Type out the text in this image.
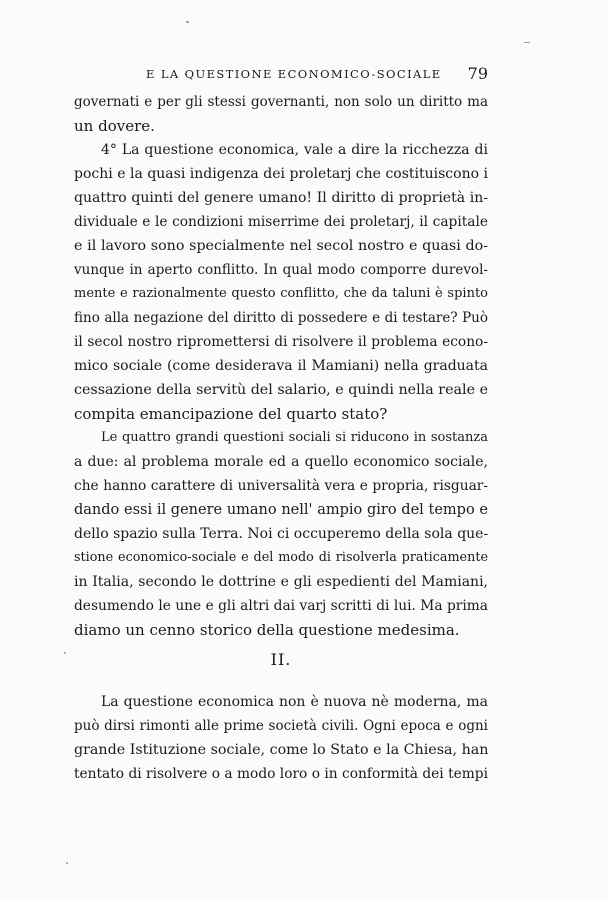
E LA QUESTIONE ECONOMICO-SOCIALE 79
governati e per gli stessi governanti, non solo un diritto ma
un dovere.
4° La questione economica, vale a dire la ricchezza di
pochi e la quasi indigenza dei proletarj che costituiscono i
quattro quinti del genere umano! Il diritto di proprietà in-
dividuale e le condizioni miserrime dei proletarj, il capitale
e il lavoro sono specialmente nel secol nostro e quasi do-
vunque in aperto conflitto. In qual modo comporre durevol-
mente e razionalmente questo conflitto, che da taluni è spinto
fino alla negazione del diritto di possedere e di testare? Può
il secol nostro ripromettersi di risolvere il problema econo-
mico sociale (come desiderava il Mamiani) nella graduata
cessazione della servitù del salario, e quindi nella reale e
compita emancipazione del quarto stato?
Le quattro grandi questioni sociali si riducono in sostanza
a due: al problema morale ed a quello economico sociale,
che hanno carattere di universalità vera e propria, risguar-
dando essi il genere umano nell' ampio giro del tempo e
dello spazio sulla Terra. Noi ci occuperemo della sola que-
stione economico-sociale e del modo di risolverla praticamente
in Italia, secondo le dottrine e gli espedienti del Mamiani,
desumendo le une e gli altri dai varj scritti di lui. Ma prima
diamo un cenno storico della questione medesima.
II.
La questione economica non è nuova nè moderna, ma
può dirsi rimonti alle prime società civili. Ogni epoca e ogni
grande Istituzione sociale, come lo Stato e la Chiesa, han
tentato di risolvere o a modo loro o in conformità dei tempi
